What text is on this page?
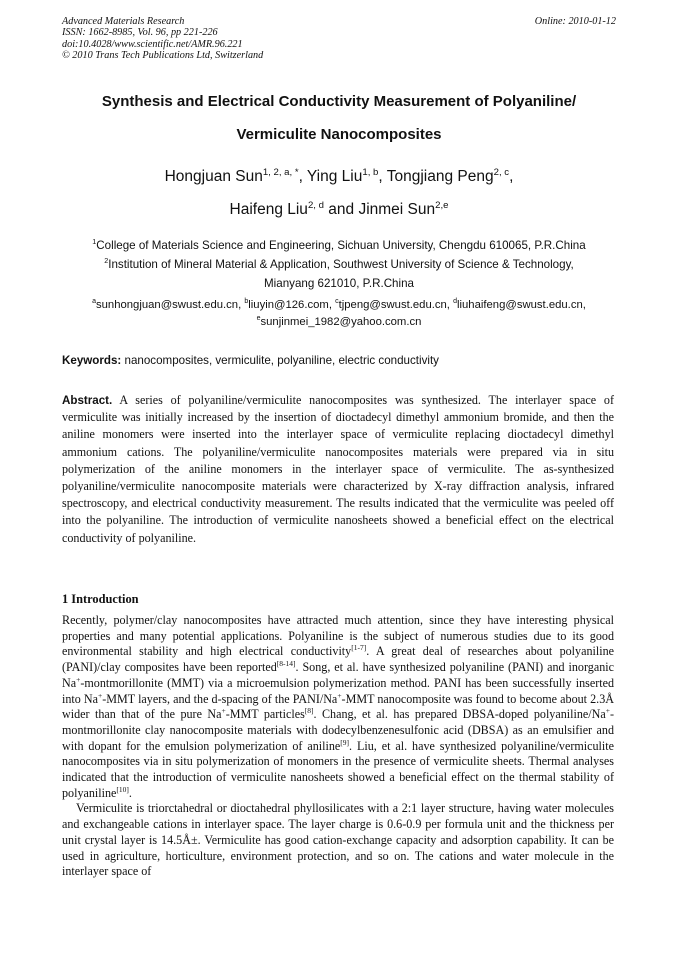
Advanced Materials Research
ISSN: 1662-8985, Vol. 96, pp 221-226
doi:10.4028/www.scientific.net/AMR.96.221
© 2010 Trans Tech Publications Ltd, Switzerland
Online: 2010-01-12
Synthesis and Electrical Conductivity Measurement of Polyaniline/
Vermiculite Nanocomposites
Hongjuan Sun$^{1, 2, a, *}$, Ying Liu$^{1, b}$, Tongjiang Peng$^{2, c}$,
Haifeng Liu$^{2, d}$ and Jinmei Sun$^{2,e}$
$^1$College of Materials Science and Engineering, Sichuan University, Chengdu 610065, P.R.China
$^2$Institution of Mineral Material & Application, Southwest University of Science & Technology,
Mianyang 621010, P.R.China
$^a$sunhongjuan@swust.edu.cn, $^b$liuyin@126.com, $^c$tjpeng@swust.edu.cn, $^d$liuhaifeng@swust.edu.cn,
$^e$sunjinmei_1982@yahoo.com.cn
Keywords: nanocomposites, vermiculite, polyaniline, electric conductivity
Abstract. A series of polyaniline/vermiculite nanocomposites was synthesized. The interlayer space of vermiculite was initially increased by the insertion of dioctadecyl dimethyl ammonium bromide, and then the aniline monomers were inserted into the interlayer space of vermiculite replacing dioctadecyl dimethyl ammonium cations. The polyaniline/vermiculite nanocomposites materials were prepared via in situ polymerization of the aniline monomers in the interlayer space of vermiculite. The as-synthesized polyaniline/vermiculite nanocomposite materials were characterized by X-ray diffraction analysis, infrared spectroscopy, and electrical conductivity measurement. The results indicated that the vermiculite was peeled off into the polyaniline. The introduction of vermiculite nanosheets showed a beneficial effect on the electrical conductivity of polyaniline.
1 Introduction

Recently, polymer/clay nanocomposites have attracted much attention, since they have interesting physical properties and many potential applications. Polyaniline is the subject of numerous studies due to its good environmental stability and high electrical conductivity[1-7]. A great deal of researches about polyaniline (PANI)/clay composites have been reported[8-14]. Song, et al. have synthesized polyaniline (PANI) and inorganic Na+-montmorillonite (MMT) via a microemulsion polymerization method. PANI has been successfully inserted into Na+-MMT layers, and the d-spacing of the PANI/Na+-MMT nanocomposite was found to become about 2.3Å wider than that of the pure Na+-MMT particles[8]. Chang, et al. has prepared DBSA-doped polyaniline/Na+-montmorillonite clay nanocomposite materials with dodecylbenzenesulfonic acid (DBSA) as an emulsifier and with dopant for the emulsion polymerization of aniline[9]. Liu, et al. have synthesized polyaniline/vermiculite nanocomposites via in situ polymerization of monomers in the presence of vermiculite sheets. Thermal analyses indicated that the introduction of vermiculite nanosheets showed a beneficial effect on the thermal stability of polyaniline[10].

Vermiculite is triorctahedral or dioctahedral phyllosilicates with a 2:1 layer structure, having water molecules and exchangeable cations in interlayer space. The layer charge is 0.6-0.9 per formula unit and the thickness per unit crystal layer is 14.5Å±. Vermiculite has good cation-exchange capacity and adsorption capability. It can be used in agriculture, horticulture, environment protection, and so on. The cations and water molecule in the interlayer space of
